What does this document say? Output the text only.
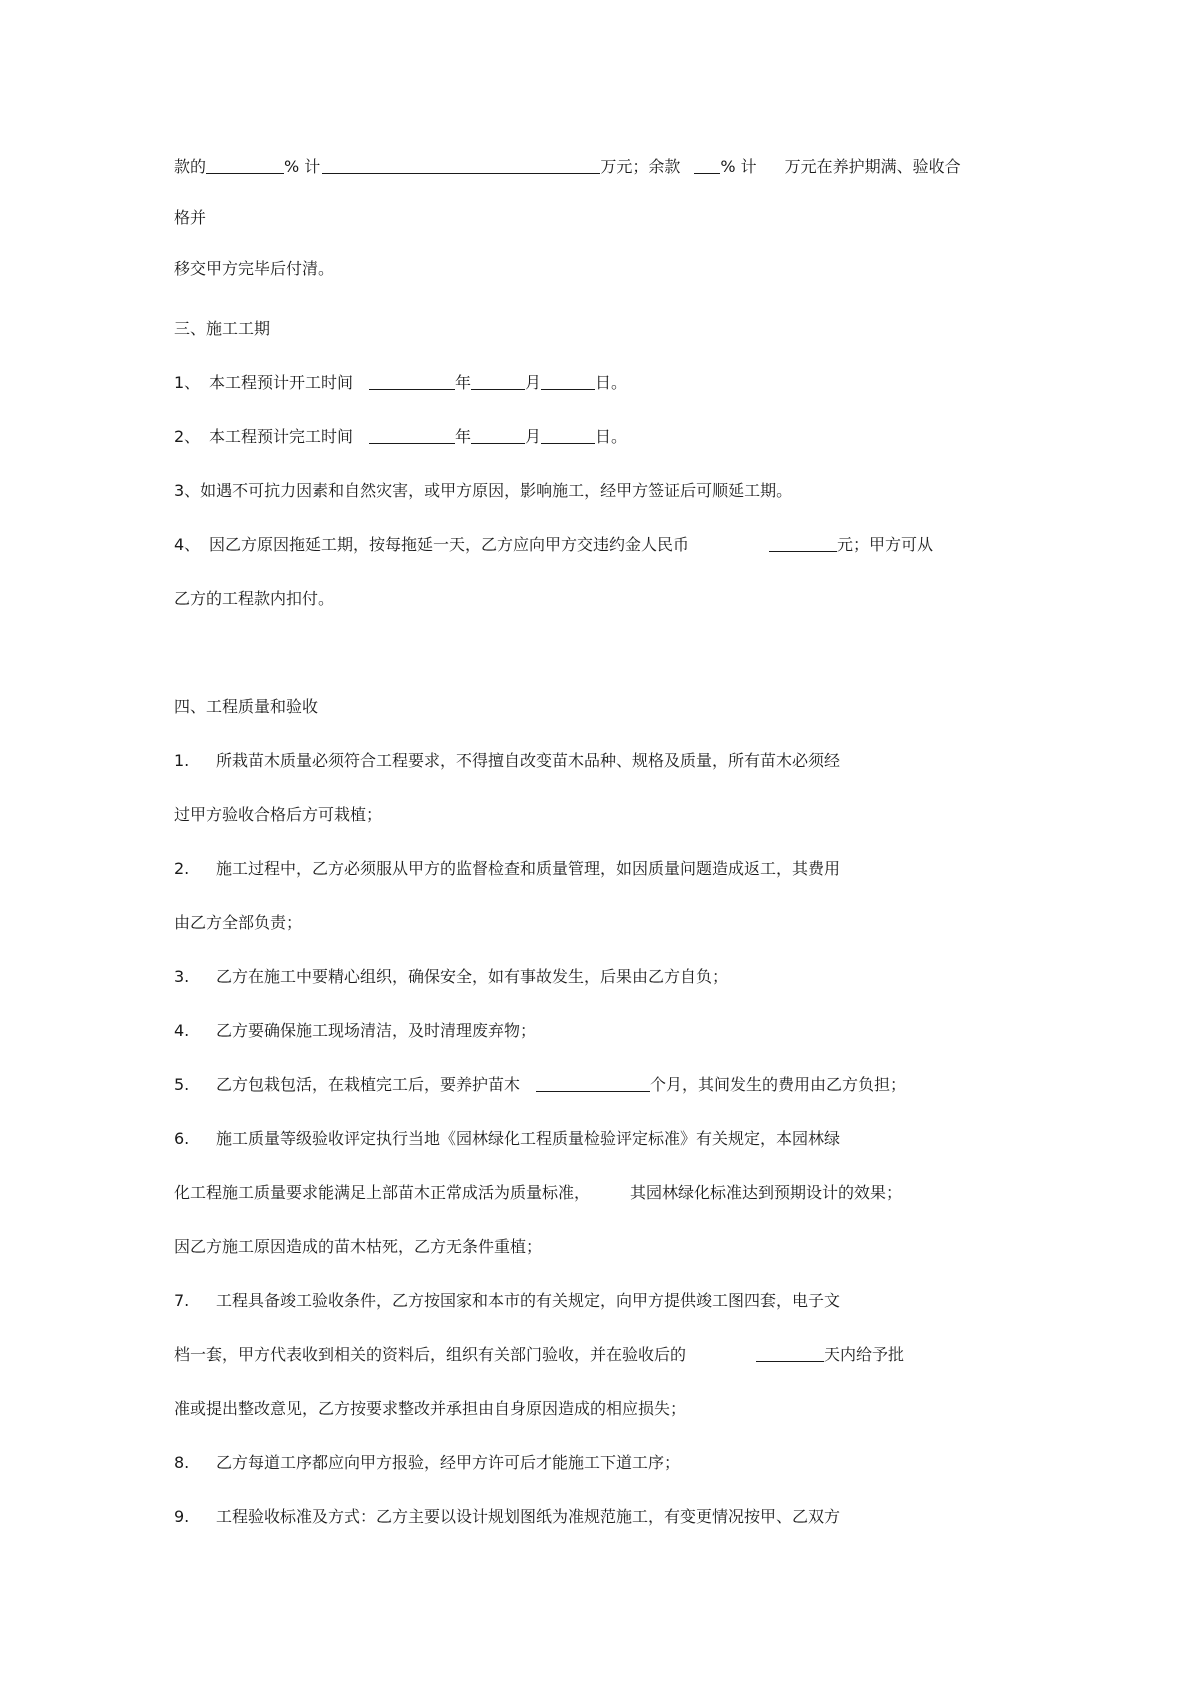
款的	% 计	万元；余款	% 计 万元在养护期满、验收合
格并
移交甲方完毕后付清。
三、施工工期
1、 本工程预计开工时间	年	月	日。
2、 本工程预计完工时间	年	月	日。
3、如遇不可抗力因素和自然灾害，或甲方原因，影响施工，经甲方签证后可顺延工期。
4、 因乙方原因拖延工期，按每拖延一天，乙方应向甲方交违约金人民币	元；甲方可从
乙方的工程款内扣付。
四、工程质量和验收
1. 所栽苗木质量必须符合工程要求，不得擅自改变苗木品种、规格及质量，所有苗木必须经
过甲方验收合格后方可栽植；
2. 施工过程中，乙方必须服从甲方的监督检查和质量管理，如因质量问题造成返工，其费用
由乙方全部负责；
3. 乙方在施工中要精心组织，确保安全，如有事故发生，后果由乙方自负；
4. 乙方要确保施工现场清洁，及时清理废弃物；
5. 乙方包栽包活，在栽植完工后，要养护苗木	个月，其间发生的费用由乙方负担；
6. 施工质量等级验收评定执行当地《园林绿化工程质量检验评定标准》有关规定，本园林绿
化工程施工质量要求能满足上部苗木正常成活为质量标准，	其园林绿化标准达到预期设计的效果；
因乙方施工原因造成的苗木枯死，乙方无条件重植；
7. 工程具备竣工验收条件，乙方按国家和本市的有关规定，向甲方提供竣工图四套，电子文
档一套，甲方代表收到相关的资料后，组织有关部门验收，并在验收后的	天内给予批
准或提出整改意见，乙方按要求整改并承担由自身原因造成的相应损失；
8. 乙方每道工序都应向甲方报验，经甲方许可后才能施工下道工序；
9. 工程验收标准及方式：乙方主要以设计规划图纸为准规范施工，有变更情况按甲、乙双方
